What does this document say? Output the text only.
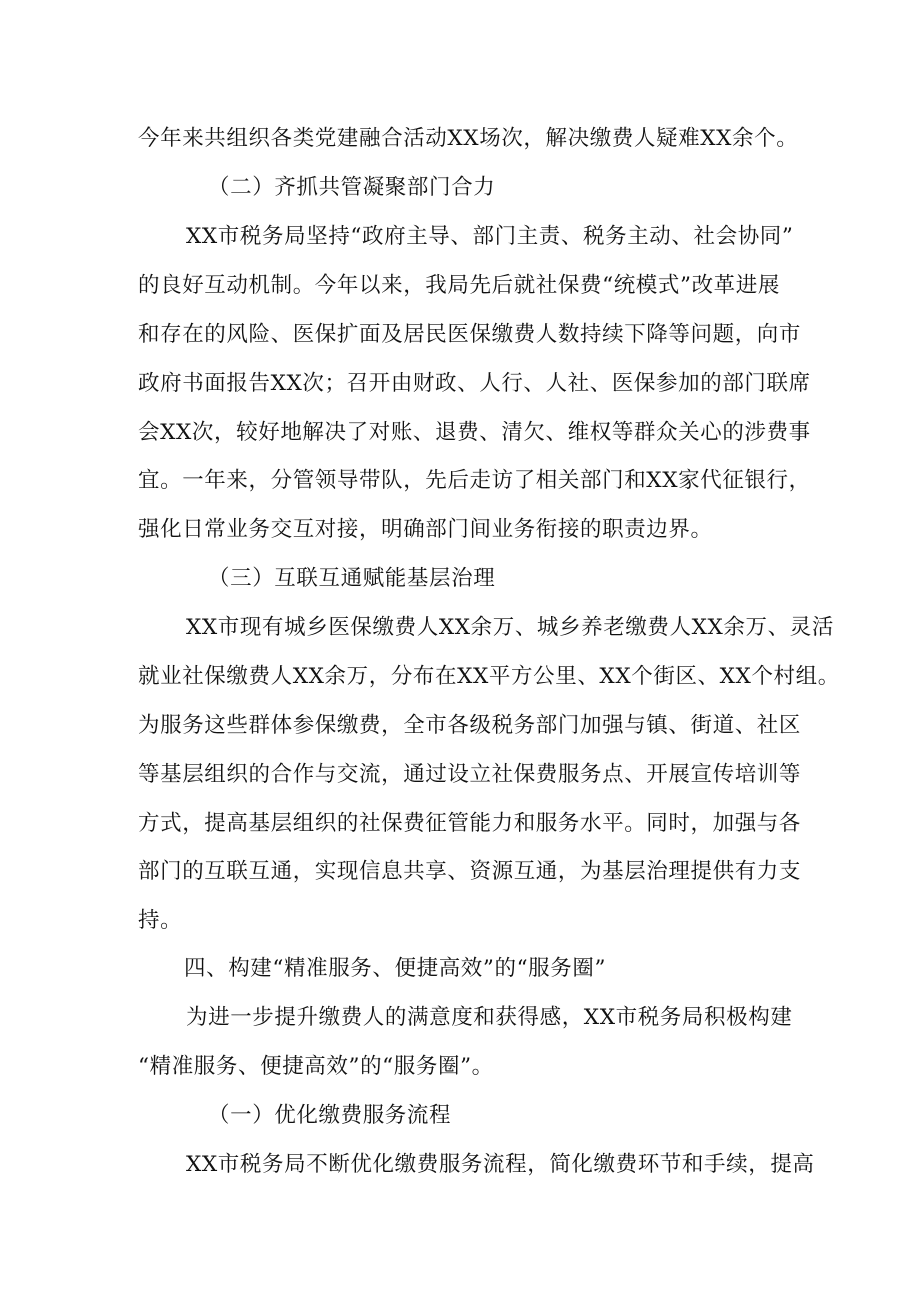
今年来共组织各类党建融合活动XX场次，解决缴费人疑难XX余个。
（二）齐抓共管凝聚部门合力
XX市税务局坚持“政府主导、部门主责、税务主动、社会协同”
的良好互动机制。今年以来，我局先后就社保费“统模式”改革进展
和存在的风险、医保扩面及居民医保缴费人数持续下降等问题，向市
政府书面报告XX次；召开由财政、人行、人社、医保参加的部门联席
会XX次，较好地解决了对账、退费、清欠、维权等群众关心的涉费事
宜。一年来，分管领导带队，先后走访了相关部门和XX家代征银行，
强化日常业务交互对接，明确部门间业务衔接的职责边界。
（三）互联互通赋能基层治理
XX市现有城乡医保缴费人XX余万、城乡养老缴费人XX余万、灵活
就业社保缴费人XX余万，分布在XX平方公里、XX个街区、XX个村组。
为服务这些群体参保缴费，全市各级税务部门加强与镇、街道、社区
等基层组织的合作与交流，通过设立社保费服务点、开展宣传培训等
方式，提高基层组织的社保费征管能力和服务水平。同时，加强与各
部门的互联互通，实现信息共享、资源互通，为基层治理提供有力支
持。
四、构建“精准服务、便捷高效”的“服务圈”
为进一步提升缴费人的满意度和获得感，XX市税务局积极构建
“精准服务、便捷高效”的“服务圈”。
（一）优化缴费服务流程
XX市税务局不断优化缴费服务流程，简化缴费环节和手续，提高
